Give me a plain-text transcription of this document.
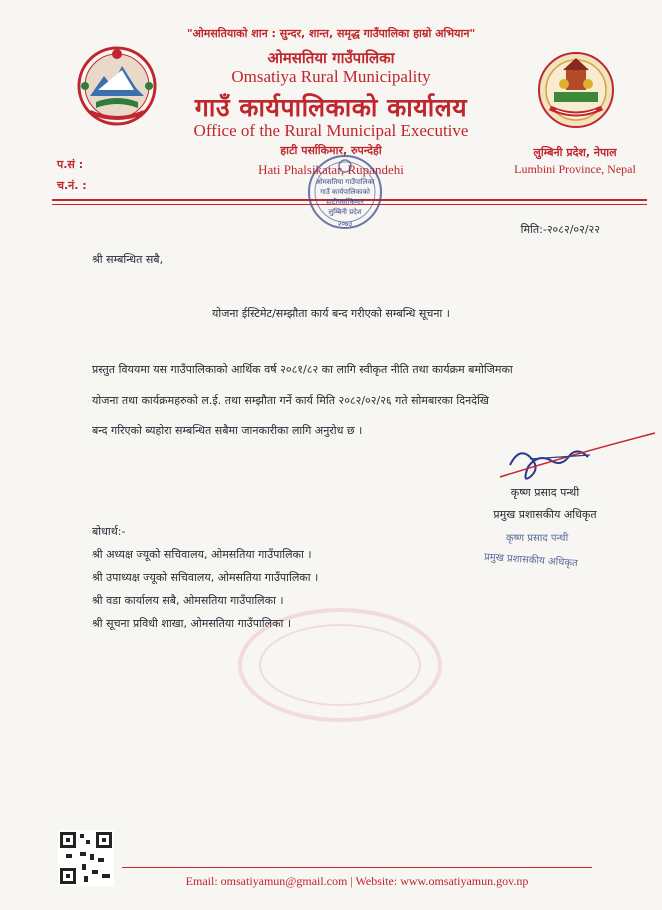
"ओमसतियाको शान : सुन्दर, शान्त, समृद्ध गाउँपालिका हाम्रो अभियान"
ओमसतिया गाउँपालिका
Omsatiya Rural Municipality
गाउँ कार्यपालिकाको कार्यालय
Office of the Rural Municipal Executive
हाटी पर्साकिमार, रुपन्देही
Hati Phalsikatar, Rupandehi
लुम्बिनी प्रदेश, नेपाल
Lumbini Province, Nepal
प.सं :
च.नं. :	ओमसतिया गाउँपालिका
गाउँ कार्यपालिकाको
हाटीपर्साकिमार
लुम्बिनी प्रदेश
२०७३	मिति:-२०८२/०२/२२
श्री सम्बन्धित सबै,
योजना ईस्टिमेट/सम्झौता कार्य बन्द गरीएको सम्बन्धि सूचना ।
प्रस्तुत विययमा यस गाउँपालिकाको आर्थिक वर्ष २०८१/८२ का लागि स्वीकृत नीति तथा कार्यक्रम बमोजिमका
योजना तथा कार्यक्रमहरुको ल.ई. तथा सम्झौता गर्ने कार्य मिति २०८२/०२/२६ गते सोमबारका दिनदेखि
बन्द गरिएको ब्यहोरा सम्बन्धित सबैमा जानकारीका लागि अनुरोध छ ।
कृष्ण प्रसाद पन्थी
प्रमुख प्रशासकीय अधिकृत
कृष्ण प्रसाद पन्थी
प्रमुख प्रशासकीय अधिकृत
बोधार्थ:-
श्री अध्यक्ष ज्यूको सचिवालय, ओमसतिया गाउँपालिका ।
श्री उपाध्यक्ष ज्यूको सचिवालय, ओमसतिया गाउँपालिका ।
श्री वडा कार्यालय सबै, ओमसतिया गाउँपालिका ।
श्री सूचना प्रविधी शाखा, ओमसतिया गाउँपालिका ।
Email: omsatiyamun@gmail.com | Website: www.omsatiyamun.gov.np
